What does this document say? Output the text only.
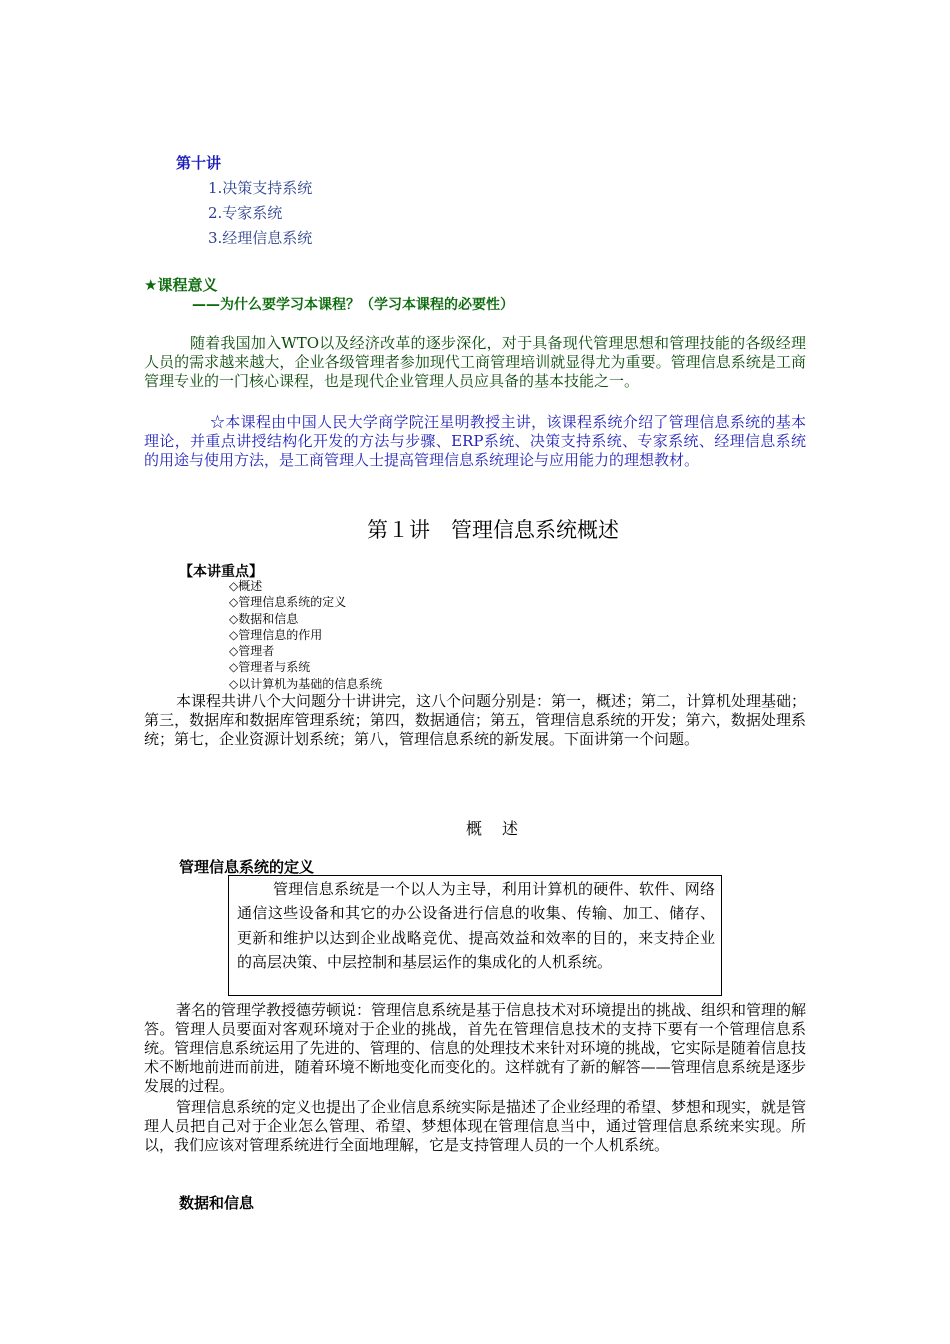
第十讲
1.决策支持系统
2.专家系统
3.经理信息系统
★课程意义
——为什么要学习本课程？（学习本课程的必要性）

随着我国加入WTO以及经济改革的逐步深化，对于具备现代管理思想和管理技能的各级经理人员的需求越来越大，企业各级管理者参加现代工商管理培训就显得尤为重要。管理信息系统是工商管理专业的一门核心课程，也是现代企业管理人员应具备的基本技能之一。

☆本课程由中国人民大学商学院汪星明教授主讲，该课程系统介绍了管理信息系统的基本理论，并重点讲授结构化开发的方法与步骤、ERP系统、决策支持系统、专家系统、经理信息系统的用途与使用方法，是工商管理人士提高管理信息系统理论与应用能力的理想教材。

第１讲　管理信息系统概述
【本讲重点】
◇概述
◇管理信息系统的定义
◇数据和信息
◇管理信息的作用
◇管理者
◇管理者与系统
◇以计算机为基础的信息系统

本课程共讲八个大问题分十讲讲完，这八个问题分别是：第一，概述；第二，计算机处理基础；第三，数据库和数据库管理系统；第四，数据通信；第五，管理信息系统的开发；第六，数据处理系统；第七，企业资源计划系统；第八，管理信息系统的新发展。下面讲第一个问题。

概　述
管理信息系统的定义

管理信息系统是一个以人为主导，利用计算机的硬件、软件、网络通信这些设备和其它的办公设备进行信息的收集、传输、加工、储存、更新和维护以达到企业战略竞优、提高效益和效率的目的，来支持企业的高层决策、中层控制和基层运作的集成化的人机系统。

著名的管理学教授德劳顿说：管理信息系统是基于信息技术对环境提出的挑战、组织和管理的解答。管理人员要面对客观环境对于企业的挑战，首先在管理信息技术的支持下要有一个管理信息系统。管理信息系统运用了先进的、管理的、信息的处理技术来针对环境的挑战，它实际是随着信息技术不断地前进而前进，随着环境不断地变化而变化的。这样就有了新的解答——管理信息系统是逐步发展的过程。

管理信息系统的定义也提出了企业信息系统实际是描述了企业经理的希望、梦想和现实，就是管理人员把自己对于企业怎么管理、希望、梦想体现在管理信息当中，通过管理信息系统来实现。所以，我们应该对管理系统进行全面地理解，它是支持管理人员的一个人机系统。

数据和信息
